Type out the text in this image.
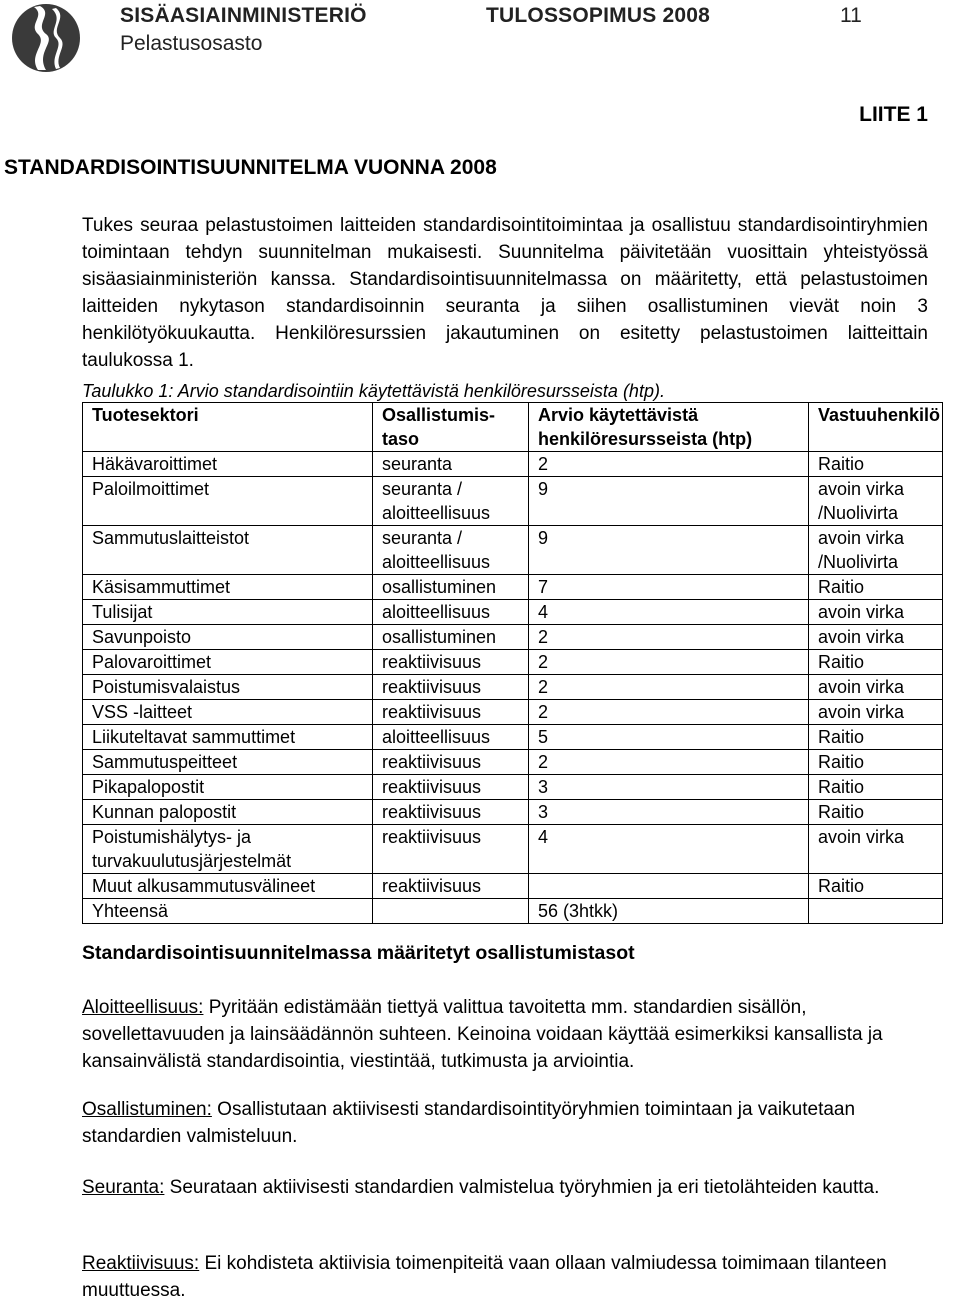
SISÄASIAINMINISTERIÖ	TULOSSOPIMUS 2008	11
Pelastusosasto
LIITE 1
STANDARDISOINTISUUNNITELMA VUONNA 2008
Tukes seuraa pelastustoimen laitteiden standardisointitoimintaa ja osallistuu standardisointiryhmien toimintaan tehdyn suunnitelman mukaisesti. Suunnitelma päivitetään vuosittain yhteistyössä sisäasiainministeriön kanssa. Standardisointisuunnitelmassa on määritetty, että pelastustoimen laitteiden nykytason standardisoinnin seuranta ja siihen osallistuminen vievät noin 3 henkilötyökuukautta. Henkilöresurssien jakautuminen on esitetty pelastustoimen laitteittain taulukossa 1.
Taulukko 1: Arvio standardisointiin käytettävistä henkilöresursseista (htp).
Tuotesektori	Osallistumis-taso	Arvio käytettävistä henkilöresursseista (htp)	Vastuuhenkilö
Häkävaroittimet	seuranta	2	Raitio
Paloilmoittimet	seuranta / aloitteellisuus	9	avoin virka /Nuolivirta
Sammutuslaitteistot	seuranta / aloitteellisuus	9	avoin virka /Nuolivirta
Käsisammuttimet	osallistuminen	7	Raitio
Tulisijat	aloitteellisuus	4	avoin virka
Savunpoisto	osallistuminen	2	avoin virka
Palovaroittimet	reaktiivisuus	2	Raitio
Poistumisvalaistus	reaktiivisuus	2	avoin virka
VSS -laitteet	reaktiivisuus	2	avoin virka
Liikuteltavat sammuttimet	aloitteellisuus	5	Raitio
Sammutuspeitteet	reaktiivisuus	2	Raitio
Pikapalopostit	reaktiivisuus	3	Raitio
Kunnan palopostit	reaktiivisuus	3	Raitio
Poistumishälytys- ja turvakuulutusjärjestelmät	reaktiivisuus	4	avoin virka
Muut alkusammutusvälineet	reaktiivisuus		Raitio
Yhteensä		56 (3htkk)	
Standardisointisuunnitelmassa määritetyt osallistumistasot
Aloitteellisuus: Pyritään edistämään tiettyä valittua tavoitetta mm. standardien sisällön, sovellettavuuden ja lainsäädännön suhteen. Keinoina voidaan käyttää esimerkiksi kansallista ja kansainvälistä standardisointia, viestintää, tutkimusta ja arviointia.
Osallistuminen: Osallistutaan aktiivisesti standardisointityöryhmien toimintaan ja vaikutetaan standardien valmisteluun.
Seuranta: Seurataan aktiivisesti standardien valmistelua työryhmien ja eri tietolähteiden kautta.
Reaktiivisuus: Ei kohdisteta aktiivisia toimenpiteitä vaan ollaan valmiudessa toimimaan tilanteen muuttuessa.
